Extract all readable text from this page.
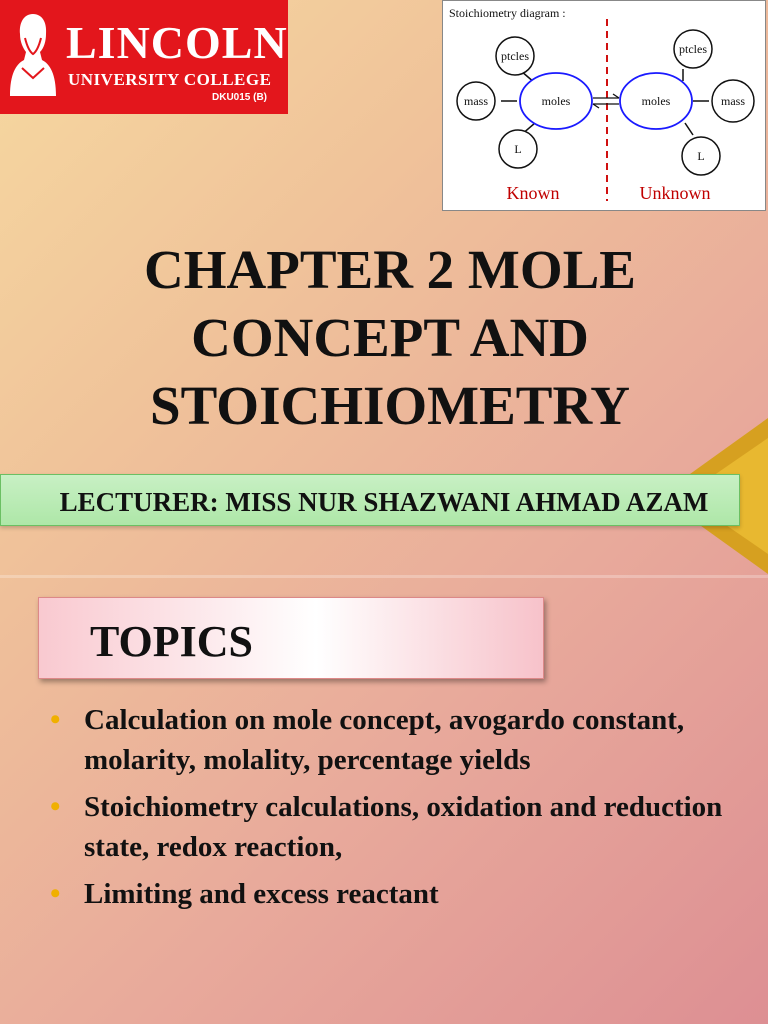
LINCOLN
UNIVERSITY COLLEGE
DKU015 (B)
Stoichiometry diagram :
ptcles
mass
L
moles	moles
ptcles
mass
L
Known	Unknown
CHAPTER 2 MOLE
CONCEPT AND
STOICHIOMETRY
LECTURER: MISS NUR SHAZWANI AHMAD AZAM
TOPICS
• Calculation on mole concept, avogardo constant, molarity, molality, percentage yields
• Stoichiometry calculations, oxidation and reduction state, redox reaction,
• Limiting and excess reactant
